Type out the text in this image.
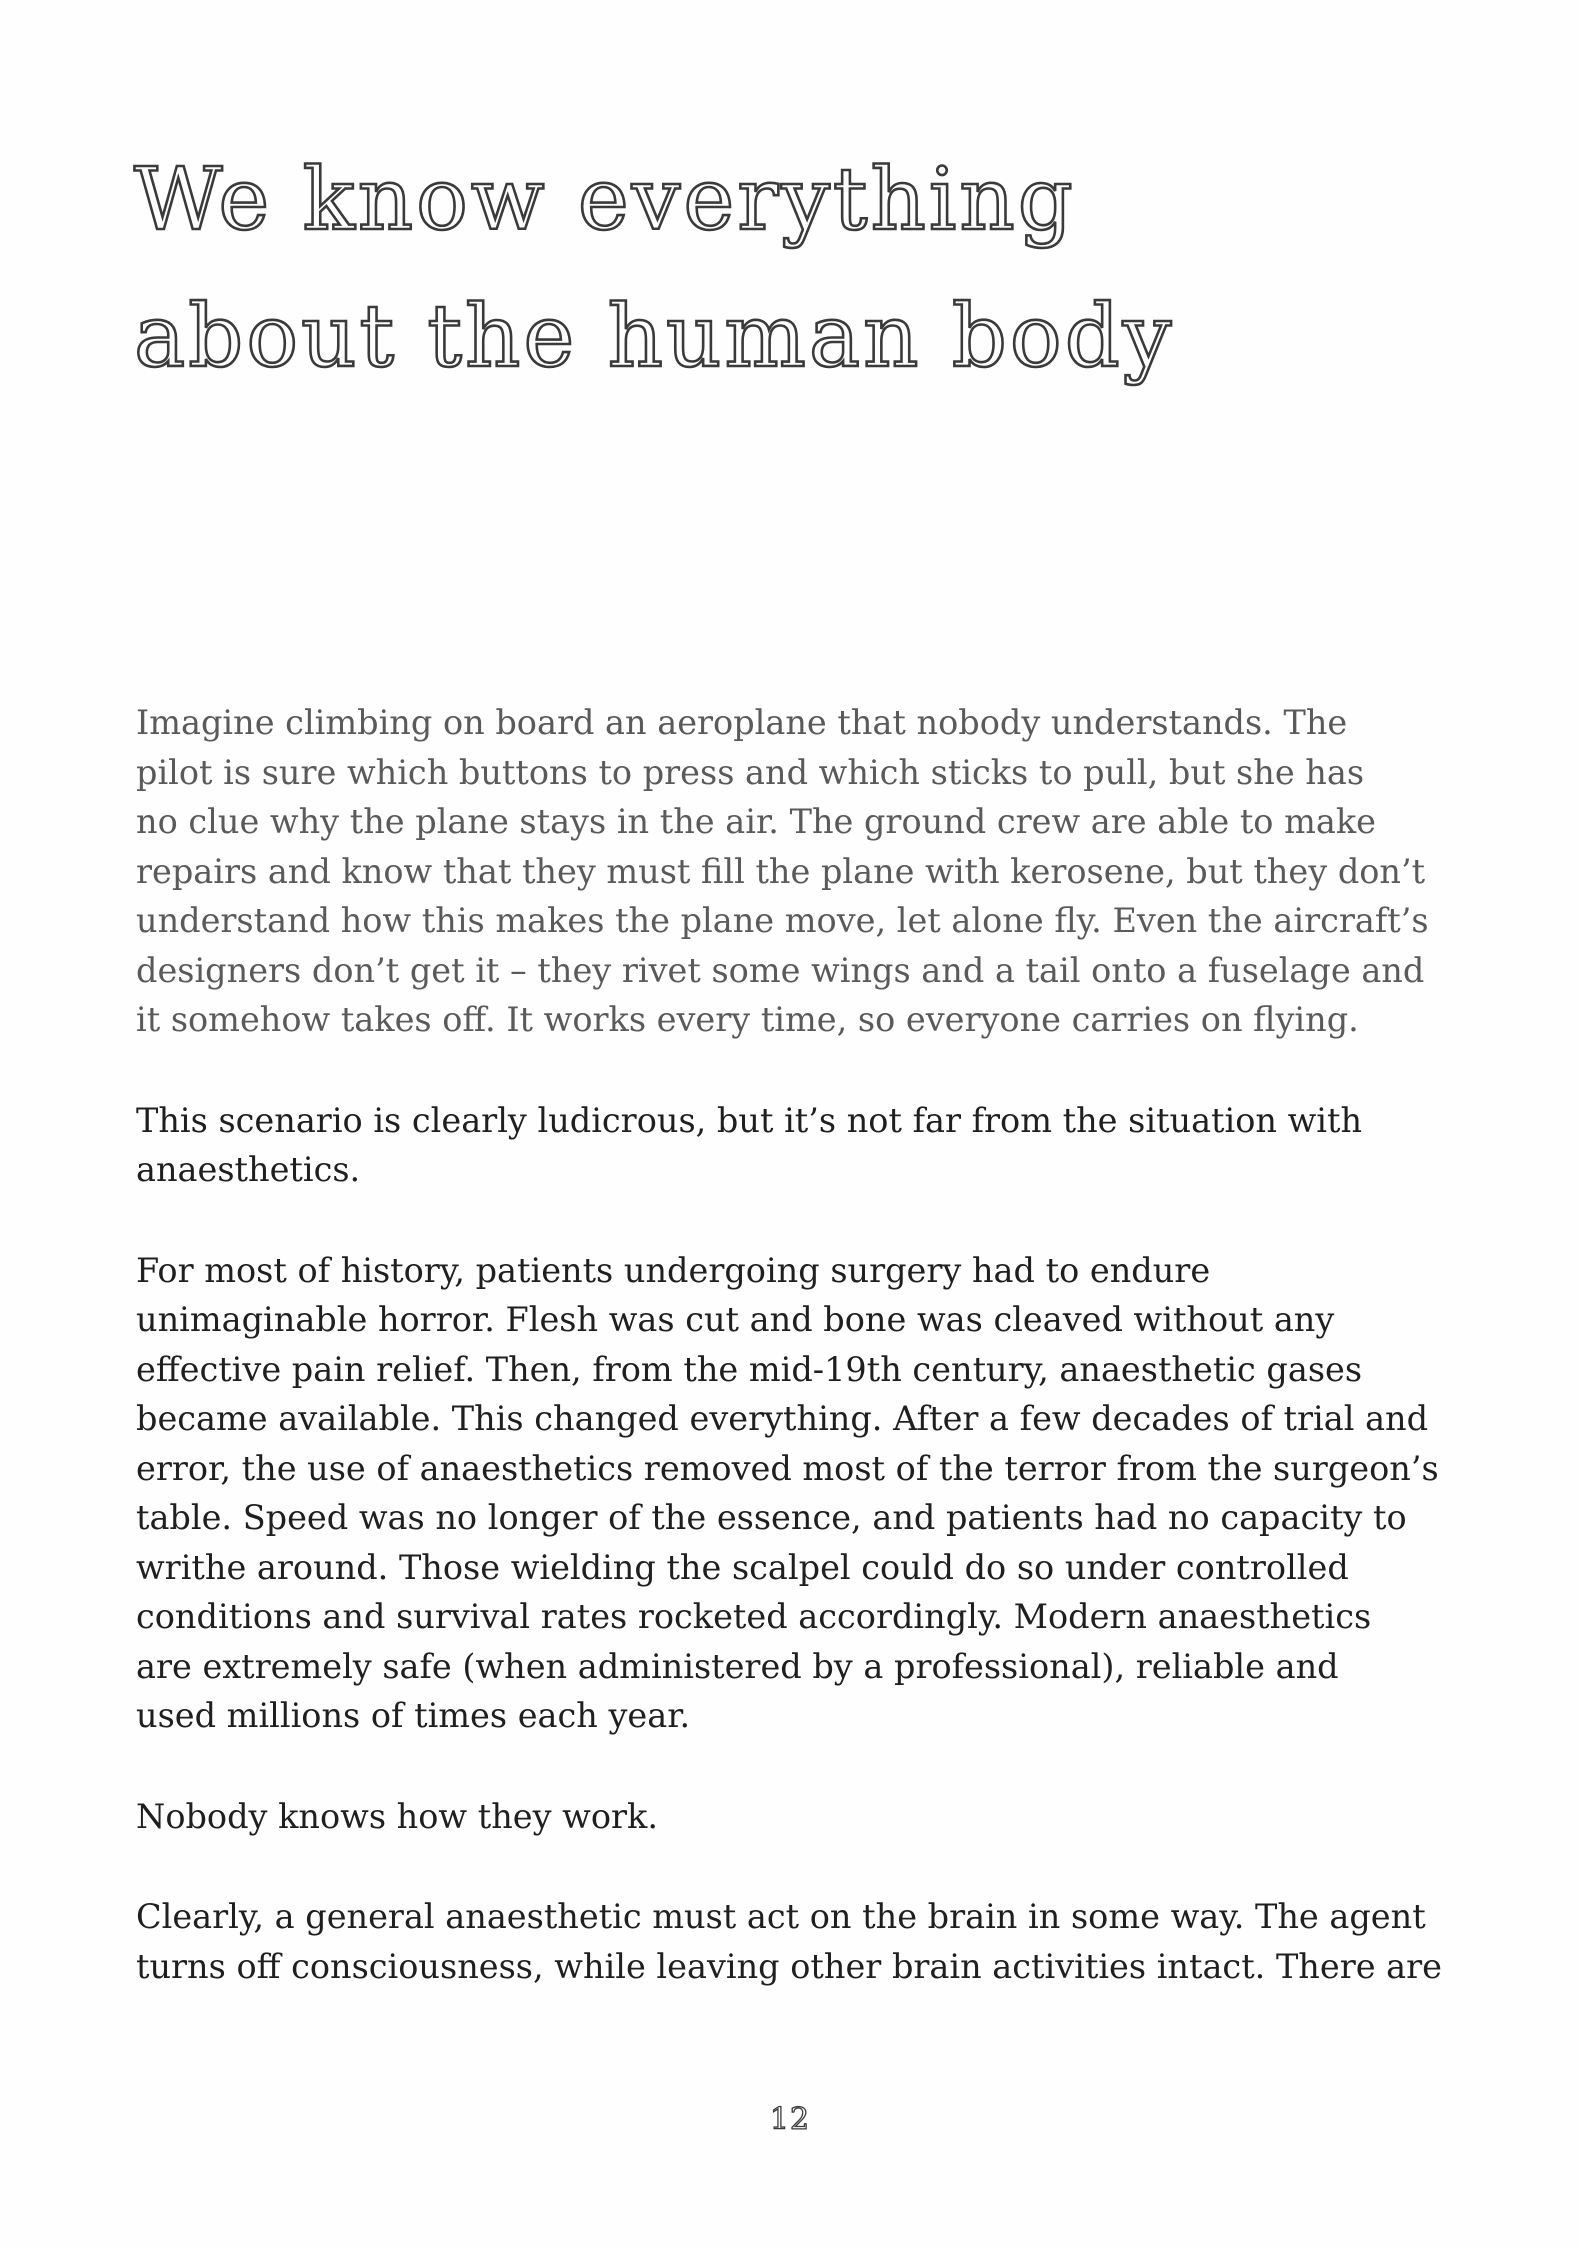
We know everything
about the human body

Imagine climbing on board an aeroplane that nobody understands. The
pilot is sure which buttons to press and which sticks to pull, but she has
no clue why the plane stays in the air. The ground crew are able to make
repairs and know that they must fill the plane with kerosene, but they don’t
understand how this makes the plane move, let alone fly. Even the aircraft’s
designers don’t get it – they rivet some wings and a tail onto a fuselage and
it somehow takes off. It works every time, so everyone carries on flying.

This scenario is clearly ludicrous, but it’s not far from the situation with
anaesthetics.

For most of history, patients undergoing surgery had to endure
unimaginable horror. Flesh was cut and bone was cleaved without any
effective pain relief. Then, from the mid-19th century, anaesthetic gases
became available. This changed everything. After a few decades of trial and
error, the use of anaesthetics removed most of the terror from the surgeon’s
table. Speed was no longer of the essence, and patients had no capacity to
writhe around. Those wielding the scalpel could do so under controlled
conditions and survival rates rocketed accordingly. Modern anaesthetics
are extremely safe (when administered by a professional), reliable and
used millions of times each year.

Nobody knows how they work.

Clearly, a general anaesthetic must act on the brain in some way. The agent
turns off consciousness, while leaving other brain activities intact. There are

12
